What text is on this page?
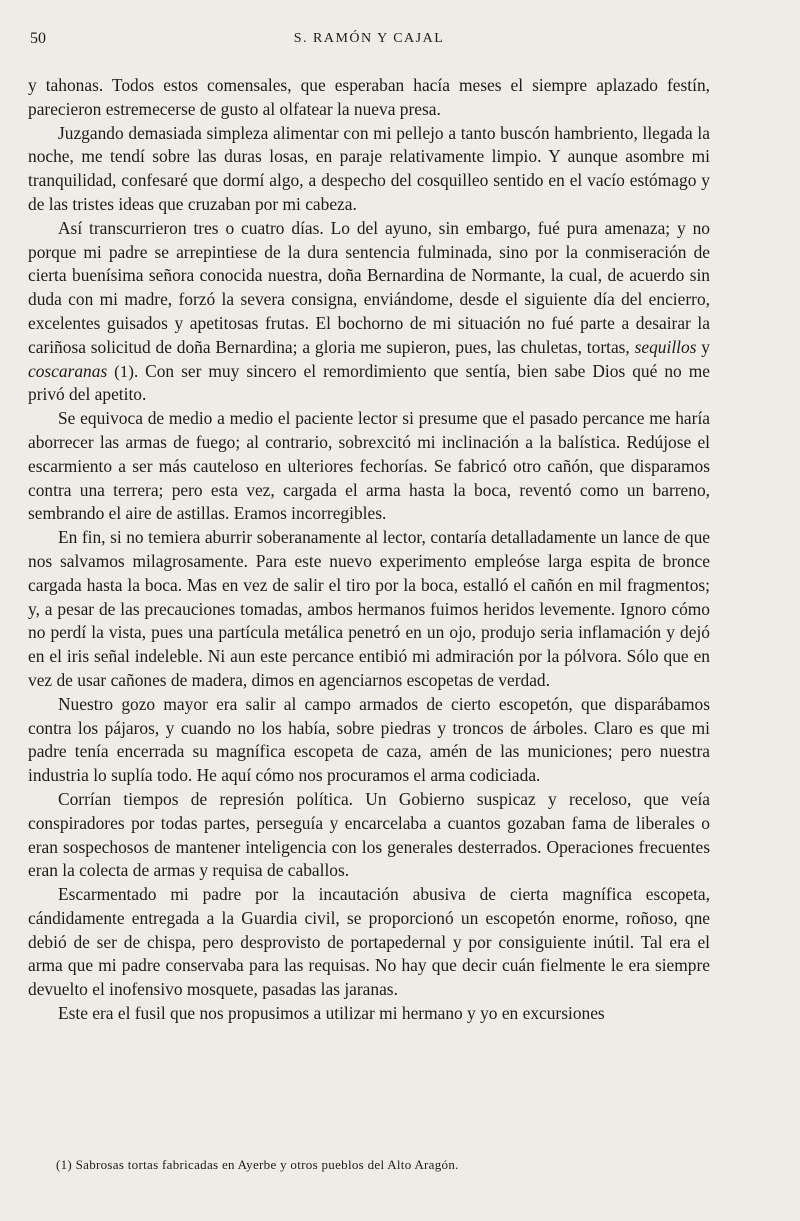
50	S. RAMÓN Y CAJAL

y tahonas. Todos estos comensales, que esperaban hacía meses el siempre aplazado festín, parecieron estremecerse de gusto al olfatear la nueva presa.

Juzgando demasiada simpleza alimentar con mi pellejo a tanto buscón hambriento, llegada la noche, me tendí sobre las duras losas, en paraje relativamente limpio. Y aunque asombre mi tranquilidad, confesaré que dormí algo, a despecho del cosquilleo sentido en el vacío estómago y de las tristes ideas que cruzaban por mi cabeza.

Así transcurrieron tres o cuatro días. Lo del ayuno, sin embargo, fué pura amenaza; y no porque mi padre se arrepintiese de la dura sentencia fulminada, sino por la conmiseración de cierta buenísima señora conocida nuestra, doña Bernardina de Normante, la cual, de acuerdo sin duda con mi madre, forzó la severa consigna, enviándome, desde el siguiente día del encierro, excelentes guisados y apetitosas frutas. El bochorno de mi situación no fué parte a desairar la cariñosa solicitud de doña Bernardina; a gloria me supieron, pues, las chuletas, tortas, sequillos y coscaranas (1). Con ser muy sincero el remordimiento que sentía, bien sabe Dios qué no me privó del apetito.

Se equivoca de medio a medio el paciente lector si presume que el pasado percance me haría aborrecer las armas de fuego; al contrario, sobrexcitó mi inclinación a la balística. Redújose el escarmiento a ser más cauteloso en ulteriores fechorías. Se fabricó otro cañón, que disparamos contra una terrera; pero esta vez, cargada el arma hasta la boca, reventó como un barreno, sembrando el aire de astillas. Eramos incorregibles.

En fin, si no temiera aburrir soberanamente al lector, contaría detalladamente un lance de que nos salvamos milagrosamente. Para este nuevo experimento empleóse larga espita de bronce cargada hasta la boca. Mas en vez de salir el tiro por la boca, estalló el cañón en mil fragmentos; y, a pesar de las precauciones tomadas, ambos hermanos fuimos heridos levemente. Ignoro cómo no perdí la vista, pues una partícula metálica penetró en un ojo, produjo seria inflamación y dejó en el iris señal indeleble. Ni aun este percance entibió mi admiración por la pólvora. Sólo que en vez de usar cañones de madera, dimos en agenciarnos escopetas de verdad.

Nuestro gozo mayor era salir al campo armados de cierto escopetón, que disparábamos contra los pájaros, y cuando no los había, sobre piedras y troncos de árboles. Claro es que mi padre tenía encerrada su magnífica escopeta de caza, amén de las municiones; pero nuestra industria lo suplía todo. He aquí cómo nos procuramos el arma codiciada.

Corrían tiempos de represión política. Un Gobierno suspicaz y receloso, que veía conspiradores por todas partes, perseguía y encarcelaba a cuantos gozaban fama de liberales o eran sospechosos de mantener inteligencia con los generales desterrados. Operaciones frecuentes eran la colecta de armas y requisa de caballos.

Escarmentado mi padre por la incautación abusiva de cierta magnífica escopeta, cándidamente entregada a la Guardia civil, se proporcionó un escopetón enorme, roñoso, qne debió de ser de chispa, pero desprovisto de portapedernal y por consiguiente inútil. Tal era el arma que mi padre conservaba para las requisas. No hay que decir cuán fielmente le era siempre devuelto el inofensivo mosquete, pasadas las jaranas.

Este era el fusil que nos propusimos a utilizar mi hermano y yo en excursiones

(1) Sabrosas tortas fabricadas en Ayerbe y otros pueblos del Alto Aragón.
